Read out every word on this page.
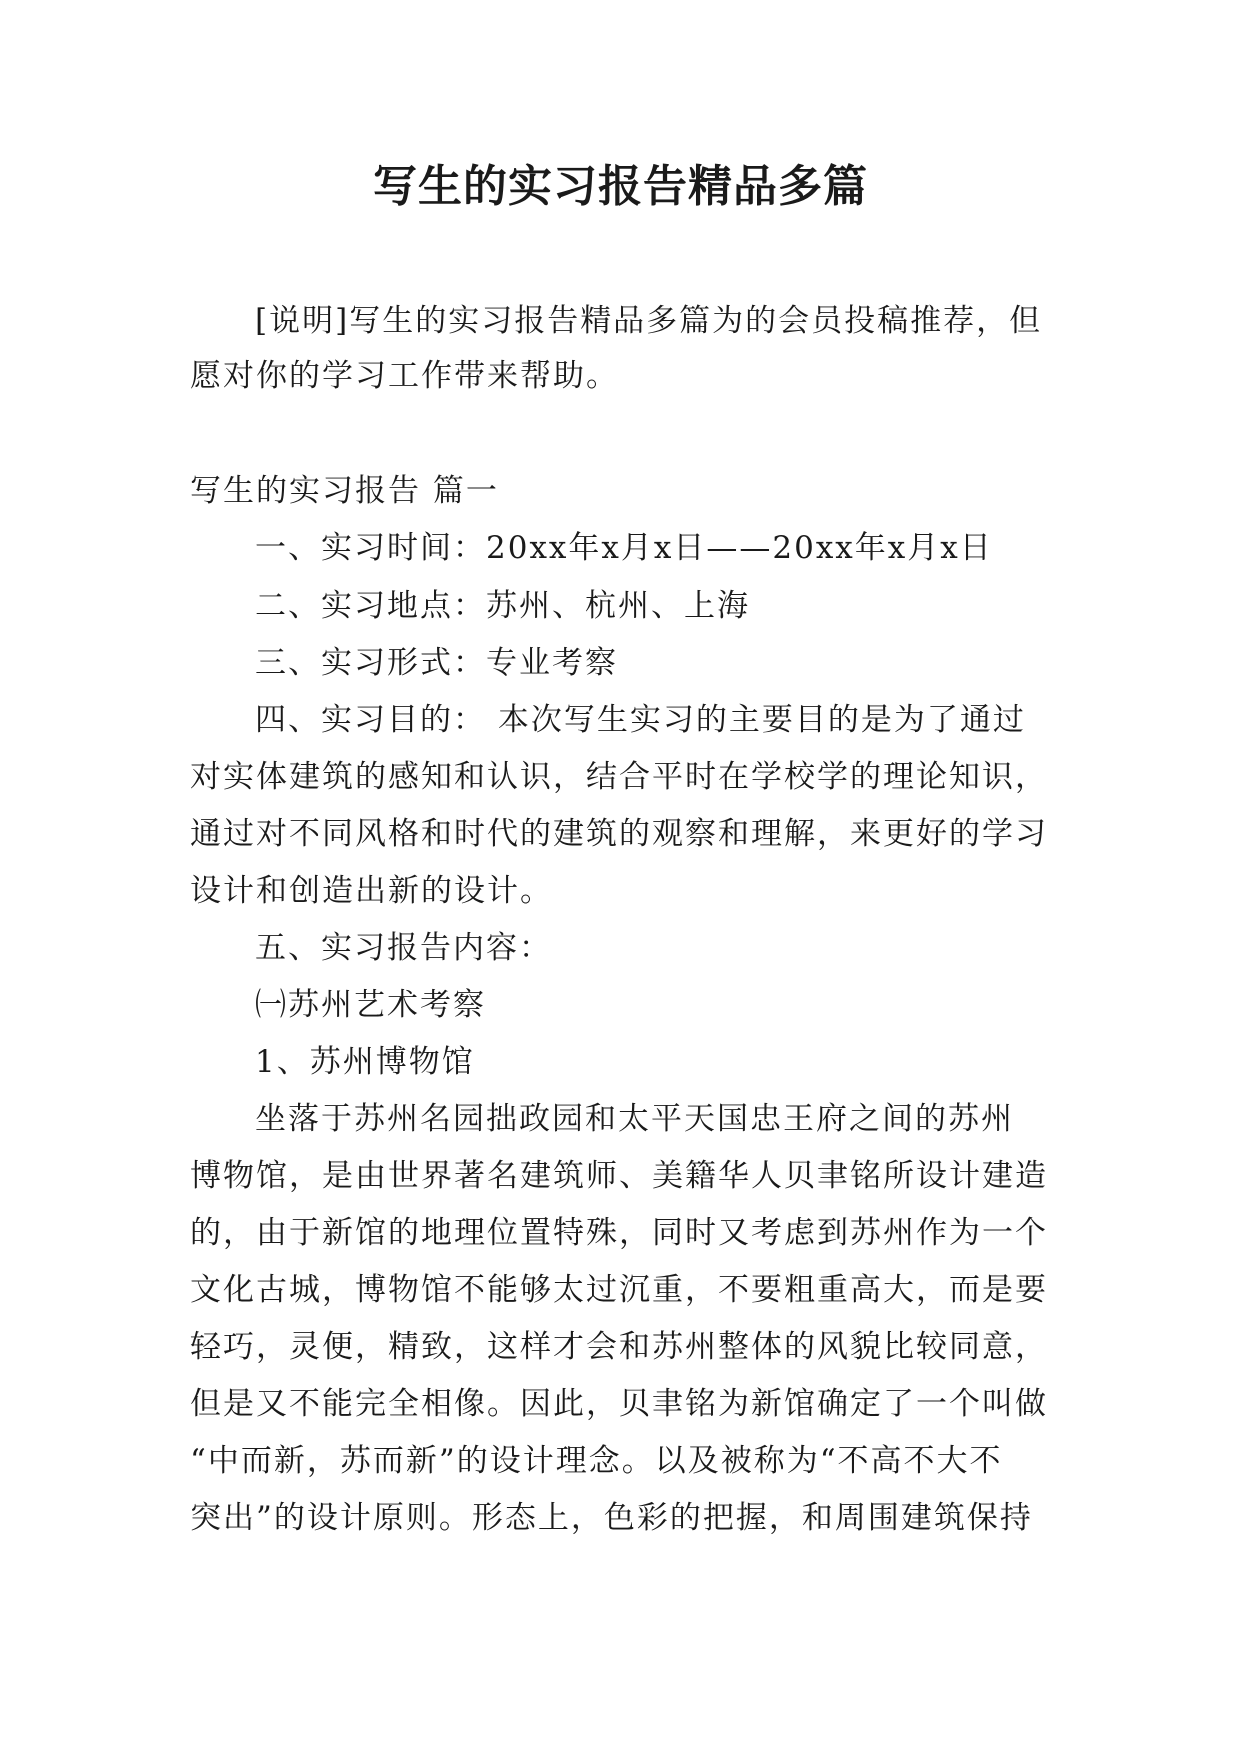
写生的实习报告精品多篇
[说明]写生的实习报告精品多篇为的会员投稿推荐，但
愿对你的学习工作带来帮助。
写生的实习报告 篇一
一、实习时间：20xx年x月x日——20xx年x月x日
二、实习地点：苏州、杭州、上海
三、实习形式：专业考察
四、实习目的： 本次写生实习的主要目的是为了通过
对实体建筑的感知和认识，结合平时在学校学的理论知识，
通过对不同风格和时代的建筑的观察和理解，来更好的学习
设计和创造出新的设计。
五、实习报告内容：
㈠苏州艺术考察
1、苏州博物馆
坐落于苏州名园拙政园和太平天国忠王府之间的苏州
博物馆，是由世界著名建筑师、美籍华人贝聿铭所设计建造
的，由于新馆的地理位置特殊，同时又考虑到苏州作为一个
文化古城，博物馆不能够太过沉重，不要粗重高大，而是要
轻巧，灵便，精致，这样才会和苏州整体的风貌比较同意，
但是又不能完全相像。因此，贝聿铭为新馆确定了一个叫做
“中而新，苏而新”的设计理念。以及被称为“不高不大不
突出”的设计原则。形态上，色彩的把握，和周围建筑保持
